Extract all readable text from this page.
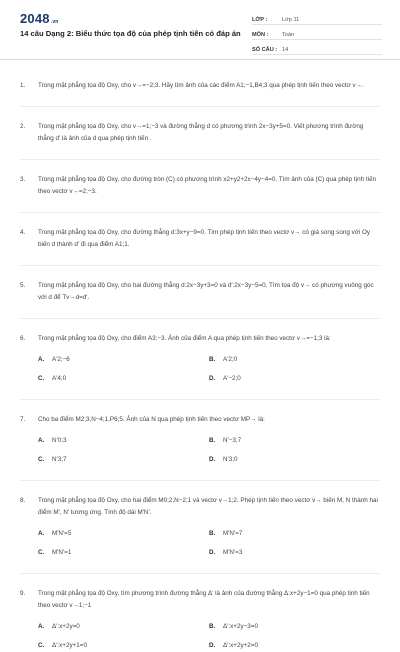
2048.vn
14 câu Dạng 2: Biểu thức tọa độ của phép tịnh tiến có đáp án
LỚP :	Lớp 11
MÔN :	Toán
SỐ CÂU : 14
1.	Trong mặt phẳng tọa độ Oxy, cho v→=−2;3. Hãy tìm ảnh của các điểm A1;−1,B4;3 qua phép tịnh tiến theo vectơ v→.
2.	Trong mặt phẳng tọa độ Oxy, cho v→=1;−3 và đường thẳng d có phương trình 2x−3y+5=0. Viết phương trình đường thẳng d′ là ảnh của d qua phép tịnh tiến .
3.	Trong mặt phẳng tọa độ Oxy, cho đường tròn (C) có phương trình x2+y2+2x−4y−4=0. Tìm ảnh của (C) qua phép tịnh tiến theo vectơ v→=2;−3.
4.	Trong mặt phẳng tọa độ Oxy, cho đường thẳng d:3x+y−9=0. Tìm phép tịnh tiến theo vectơ v→ có giá song song với Oy biến d thành d′ đi qua điểm A1;1.
5.	Trong mặt phẳng tọa độ Oxy, cho hai đường thẳng d:2x−3y+3=0 và d′:2x−3y−5=0. Tìm tọa độ v→ có phương vuông góc với d để Tv→d=d′.
6.	Trong mặt phẳng tọa độ Oxy, cho điểm A3;−3. Ảnh của điểm A qua phép tịnh tiến theo vectơ v→=−1;3 là:
A.	A′2;−6	B.	A′2;0
C.	A′4;0	D.	A′−2;0
7.	Cho ba điểm M2;3,N−4;1,P6;5. Ảnh của N qua phép tịnh tiến theo vectơ MP→ là:
A.	N′0;3	B.	N′−3;7
C.	N′3;7	D.	N′3;0
8.	Trong mặt phẳng tọa độ Oxy, cho hai điểm M0;2,N−2;1 và vectơ v→1;2. Phép tịnh tiến theo vectơ v→ biến M, N thành hai điểm M′, N′ tương ứng. Tính độ dài M′N′.
A.	M′N′=5	B.	M′N′=7
C.	M′N′=1	D.	M′N′=3
9.	Trong mặt phẳng tọa độ Oxy, tìm phương trình đường thẳng Δ′ là ảnh của đường thẳng Δ:x+2y−1=0 qua phép tịnh tiến theo vectơ v→1;−1
A.	Δ′:x+2y=0	B.	Δ′:x+2y−3=0
C.	Δ′:x+2y+1=0	D.	Δ′:x+2y+2=0
